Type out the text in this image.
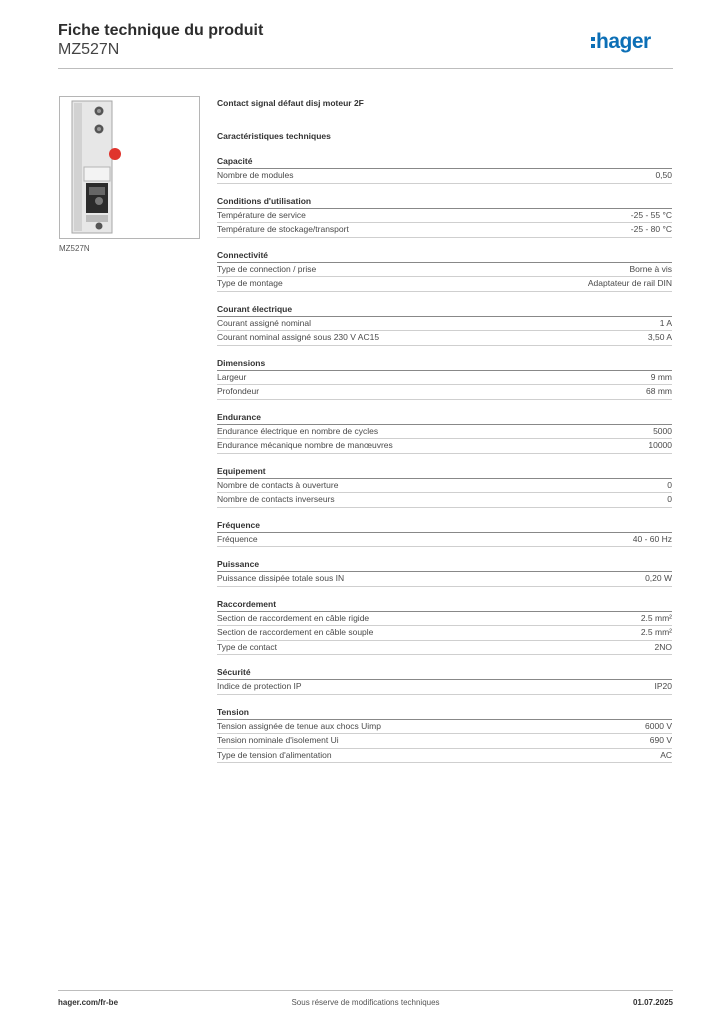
Fiche technique du produit
MZ527N	hager
MZ527N
Contact signal défaut disj moteur 2F
Caractéristiques techniques
Capacité
Nombre de modules	0,50
Conditions d'utilisation
Température de service	-25 - 55 °C
Température de stockage/transport	-25 - 80 °C
Connectivité
Type de connection / prise	Borne à vis
Type de montage	Adaptateur de rail DIN
Courant électrique
Courant assigné nominal	1 A
Courant nominal assigné sous 230 V AC15	3,50 A
Dimensions
Largeur	9 mm
Profondeur	68 mm
Endurance
Endurance électrique en nombre de cycles	5000
Endurance mécanique nombre de manœuvres	10000
Equipement
Nombre de contacts à ouverture	0
Nombre de contacts inverseurs	0
Fréquence
Fréquence	40 - 60 Hz
Puissance
Puissance dissipée totale sous IN	0,20 W
Raccordement
Section de raccordement en câble rigide	2.5 mm²
Section de raccordement en câble souple	2.5 mm²
Type de contact	2NO
Sécurité
Indice de protection IP	IP20
Tension
Tension assignée de tenue aux chocs Uimp	6000 V
Tension nominale d'isolement Ui	690 V
Type de tension d'alimentation	AC
hager.com/fr-be	Sous réserve de modifications techniques	01.07.2025
